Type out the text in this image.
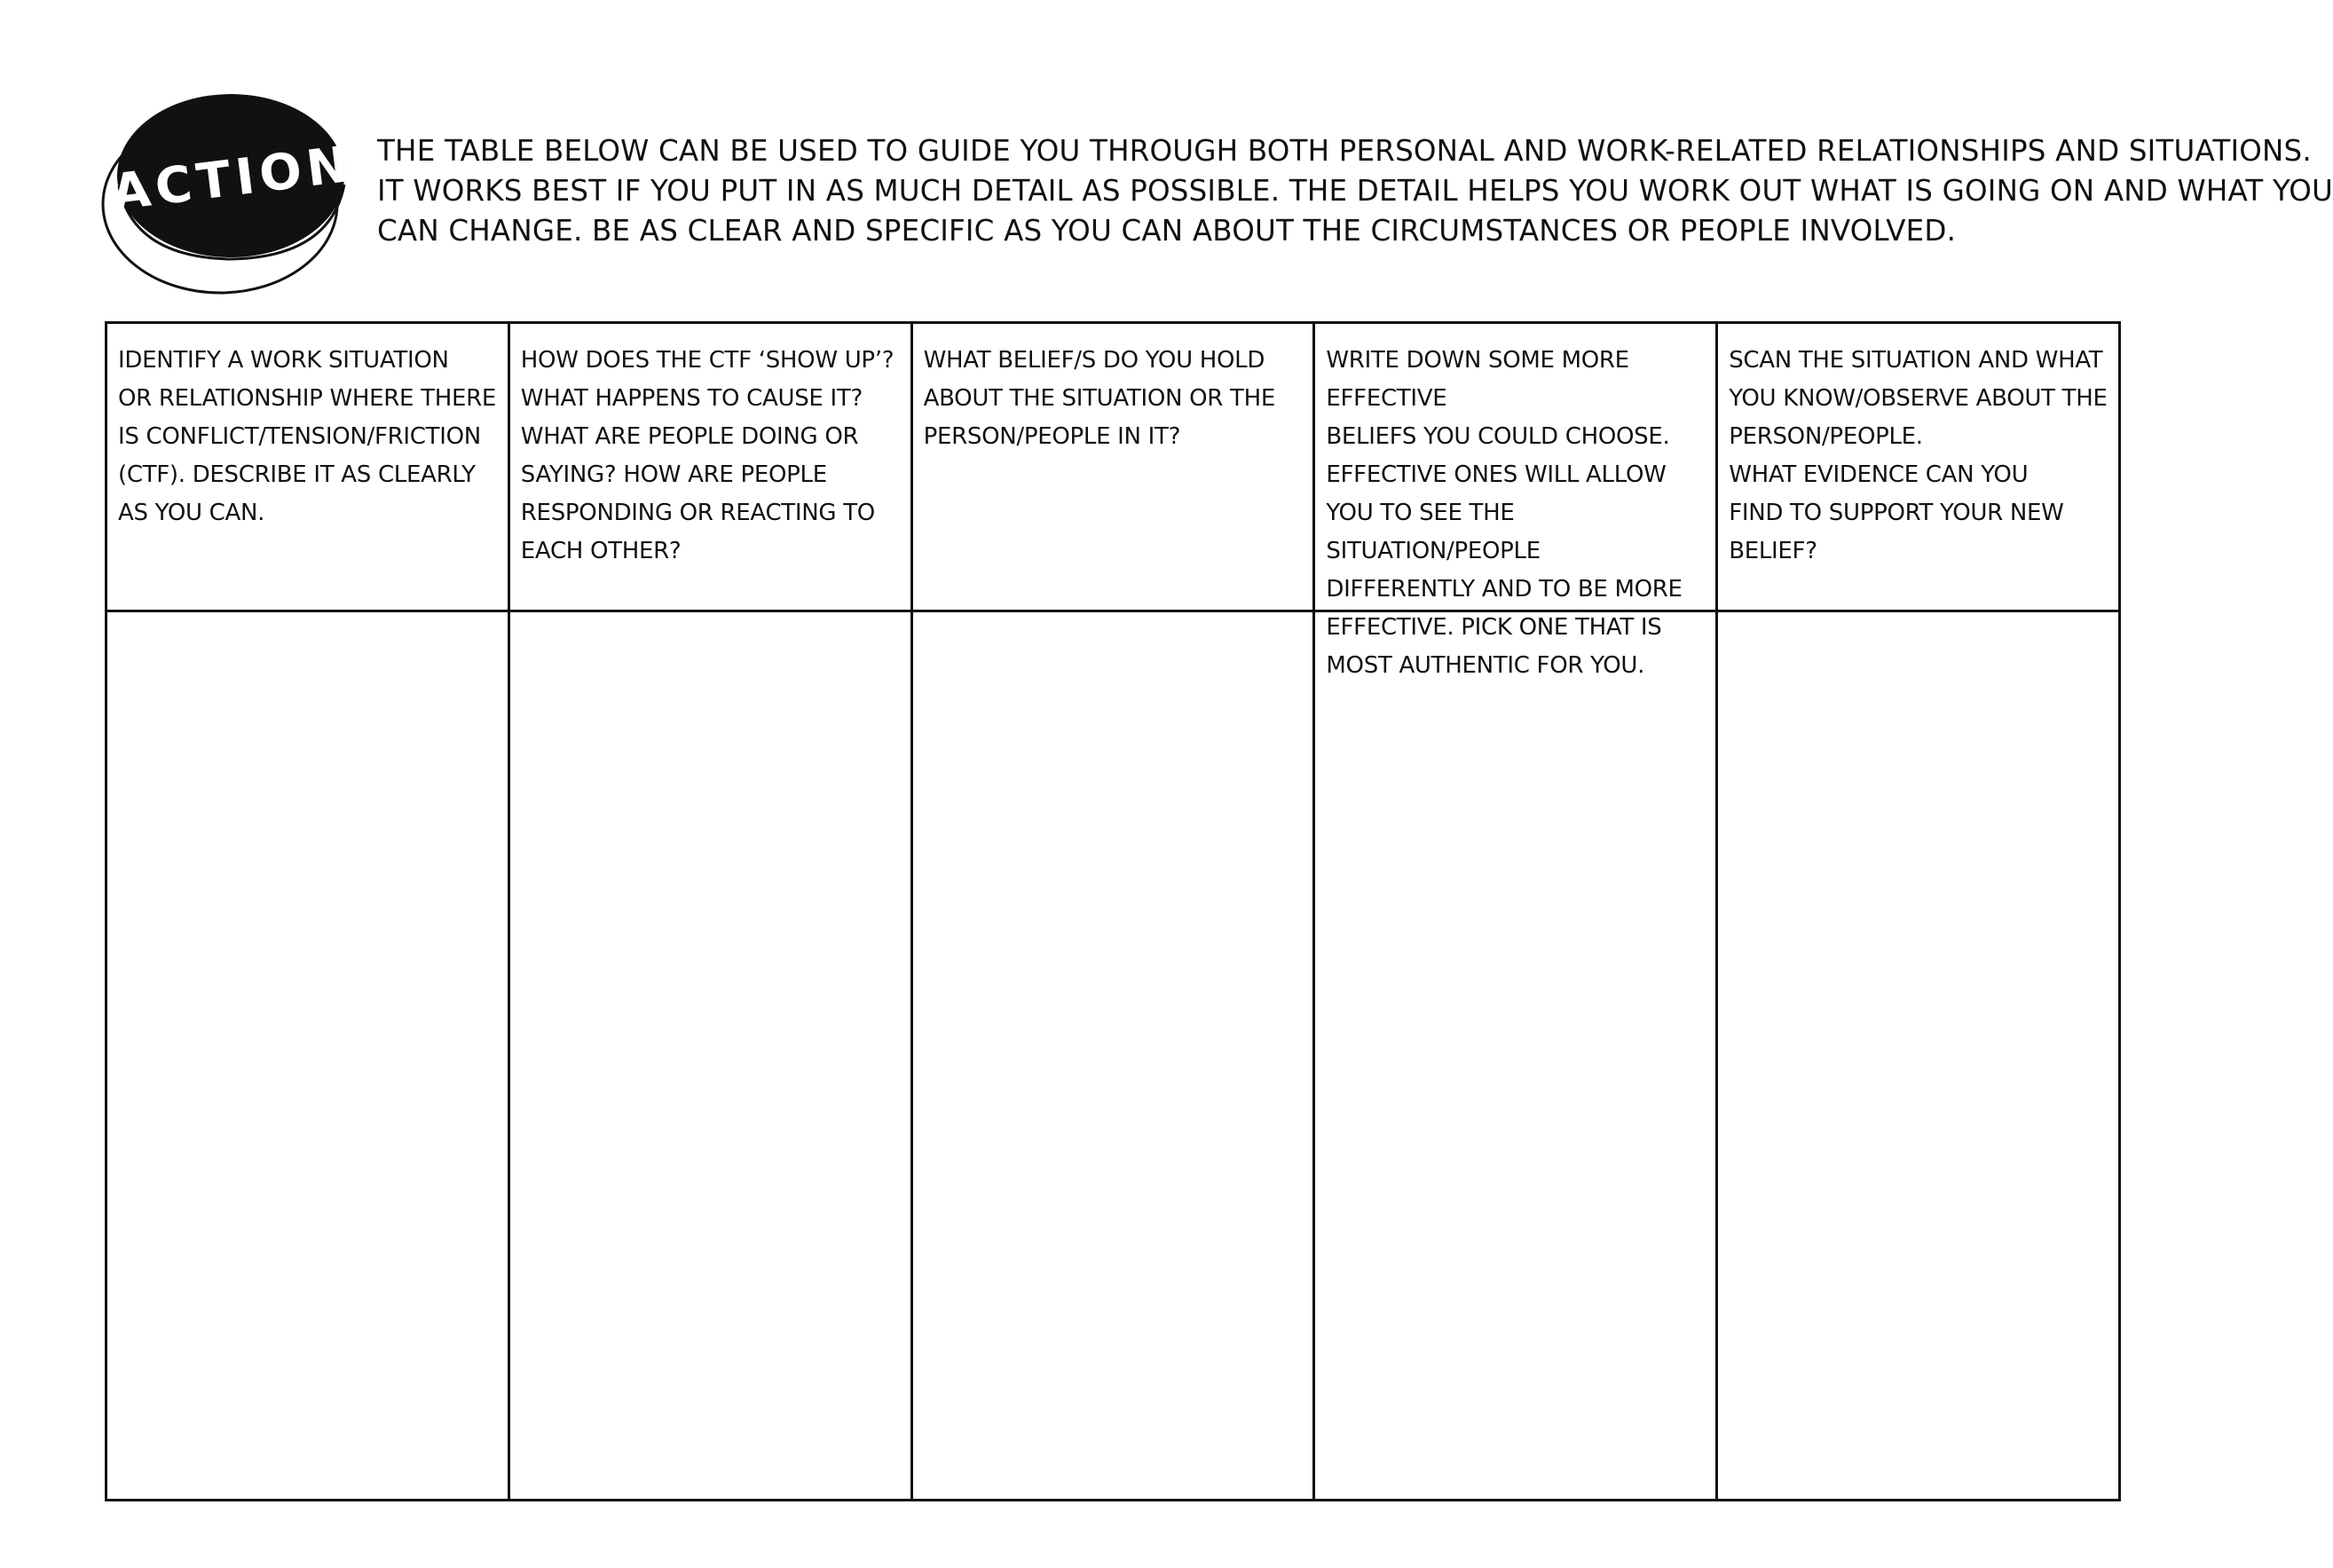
ACTION THE TABLE BELOW CAN BE USED TO GUIDE YOU THROUGH BOTH PERSONAL AND WORK-RELATED RELATIONSHIPS AND SITUATIONS.
IT WORKS BEST IF YOU PUT IN AS MUCH DETAIL AS POSSIBLE. THE DETAIL HELPS YOU WORK OUT WHAT IS GOING ON AND WHAT YOU
CAN CHANGE. BE AS CLEAR AND SPECIFIC AS YOU CAN ABOUT THE CIRCUMSTANCES OR PEOPLE INVOLVED.
IDENTIFY A WORK SITUATION
OR RELATIONSHIP WHERE THERE
IS CONFLICT/TENSION/FRICTION
(CTF). DESCRIBE IT AS CLEARLY
AS YOU CAN.
HOW DOES THE CTF ‘SHOW UP’?
WHAT HAPPENS TO CAUSE IT?
WHAT ARE PEOPLE DOING OR
SAYING? HOW ARE PEOPLE
RESPONDING OR REACTING TO
EACH OTHER?
WHAT BELIEF/S DO YOU HOLD
ABOUT THE SITUATION OR THE
PERSON/PEOPLE IN IT?
WRITE DOWN SOME MORE EFFECTIVE
BELIEFS YOU COULD CHOOSE.
EFFECTIVE ONES WILL ALLOW
YOU TO SEE THE SITUATION/PEOPLE
DIFFERENTLY AND TO BE MORE
EFFECTIVE. PICK ONE THAT IS
MOST AUTHENTIC FOR YOU.
SCAN THE SITUATION AND WHAT
YOU KNOW/OBSERVE ABOUT THE
PERSON/PEOPLE.
WHAT EVIDENCE CAN YOU
FIND TO SUPPORT YOUR NEW
BELIEF?
